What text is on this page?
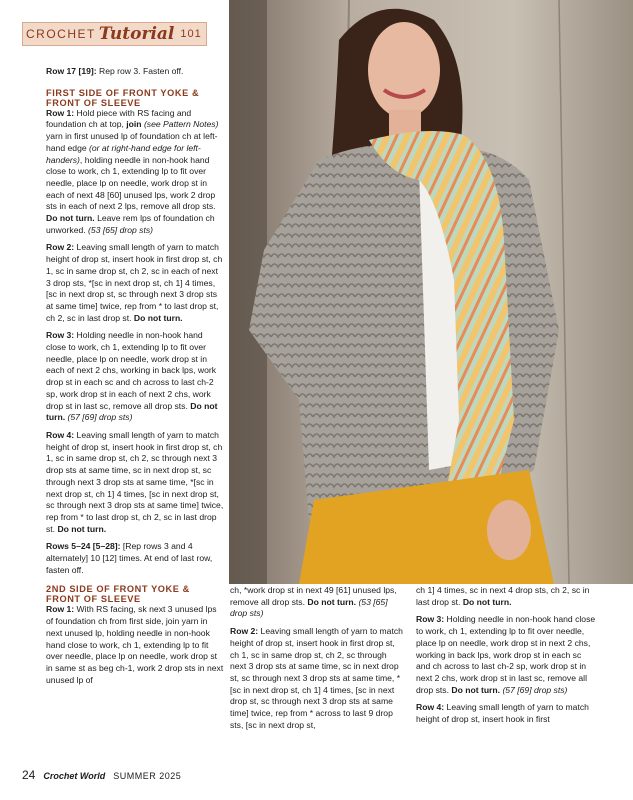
CROCHET Tutorial 101

Row 17 [19]: Rep row 3. Fasten off.

FIRST SIDE OF FRONT YOKE &
FRONT OF SLEEVE

Row 1: Hold piece with RS facing and foundation ch at top, join (see Pattern Notes) yarn in first unused lp of foundation ch at left-hand edge (or at right-hand edge for left-handers), holding needle in non-hook hand close to work, ch 1, extending lp to fit over needle, place lp on needle, work drop st in each of next 48 [60] unused lps, work 2 drop sts in each of next 2 lps, remove all drop sts. Do not turn. Leave rem lps of foundation ch unworked. (53 [65] drop sts)

Row 2: Leaving small length of yarn to match height of drop st, insert hook in first drop st, ch 1, sc in same drop st, ch 2, sc in each of next 3 drop sts, *[sc in next drop st, ch 1] 4 times, [sc in next drop st, sc through next 3 drop sts at same time] twice, rep from * to last drop st, ch 2, sc in last drop st. Do not turn.

Row 3: Holding needle in non-hook hand close to work, ch 1, extending lp to fit over needle, place lp on needle, work drop st in each of next 2 chs, working in back lps, work drop st in each sc and ch across to last ch-2 sp, work drop st in each of next 2 chs, work drop st in last sc, remove all drop sts. Do not turn. (57 [69] drop sts)

Row 4: Leaving small length of yarn to match height of drop st, insert hook in first drop st, ch 1, sc in same drop st, ch 2, sc through next 3 drop sts at same time, sc in next drop st, sc through next 3 drop sts at same time, *[sc in next drop st, ch 1] 4 times, [sc in next drop st, sc through next 3 drop sts at same time] twice, rep from * to last drop st, ch 2, sc in last drop st. Do not turn.

Rows 5–24 [5–28]: [Rep rows 3 and 4 alternately] 10 [12] times. At end of last row, fasten off.

2ND SIDE OF FRONT YOKE &
FRONT OF SLEEVE

Row 1: With RS facing, sk next 3 unused lps of foundation ch from first side, join yarn in next unused lp, holding needle in non-hook hand close to work, ch 1, extending lp to fit over needle, place lp on needle, work drop st in same st as beg ch-1, work 2 drop sts in next unused lp of

ch, *work drop st in next 49 [61] unused lps, remove all drop sts. Do not turn. (53 [65] drop sts)

Row 2: Leaving small length of yarn to match height of drop st, insert hook in first drop st, ch 1, sc in same drop st, ch 2, sc through next 3 drop sts at same time, sc in next drop st, sc through next 3 drop sts at same time, *[sc in next drop st, ch 1] 4 times, [sc in next drop st, sc through next 3 drop sts at same time] twice, rep from * across to last 9 drop sts, [sc in next drop st,

ch 1] 4 times, sc in next 4 drop sts, ch 2, sc in last drop st. Do not turn.

Row 3: Holding needle in non-hook hand close to work, ch 1, extending lp to fit over needle, place lp on needle, work drop st in next 2 chs, working in back lps, work drop st in each sc and ch across to last ch-2 sp, work drop st in next 2 chs, work drop st in last sc, remove all drop sts. Do not turn. (57 [69] drop sts)

Row 4: Leaving small length of yarn to match height of drop st, insert hook in first

24 Crochet World SUMMER 2025
